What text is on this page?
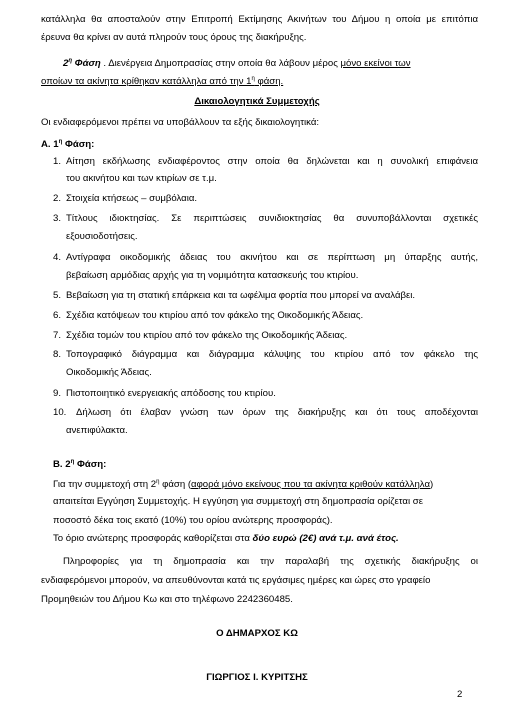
κατάλληλα θα αποσταλούν στην Επιτροπή Εκτίμησης Ακινήτων του Δήμου η οποία με επιτόπια
έρευνα θα κρίνει αν αυτά πληρούν τους όρους της διακήρυξης.
$2^\eta$ Φάση . Διενέργεια Δημοπρασίας στην οποία θα λάβουν μέρος μόνο εκείνοι των
οποίων τα ακίνητα κρίθηκαν κατάλληλα από την $1^\eta$ φάση.
Δικαιολογητικά Συμμετοχής
Οι ενδιαφερόμενοι πρέπει να υποβάλλουν τα εξής δικαιολογητικά:
Α. $1^\eta$ Φάση:
1. Αίτηση εκδήλωσης ενδιαφέροντος στην οποία θα δηλώνεται και η συνολική επιφάνεια
του ακινήτου και των κτιρίων σε τ.μ.
2. Στοιχεία κτήσεως – συμβόλαια.
3. Τίτλους ιδιοκτησίας. Σε περιπτώσεις συνιδιοκτησίας θα συνυποβάλλονται σχετικές
εξουσιοδοτήσεις.
4. Αντίγραφα οικοδομικής άδειας του ακινήτου και σε περίπτωση μη ύπαρξης αυτής,
βεβαίωση αρμόδιας αρχής για τη νομιμότητα κατασκευής του κτιρίου.
5. Βεβαίωση για τη στατική επάρκεια και τα ωφέλιμα φορτία που μπορεί να αναλάβει.
6. Σχέδια κατόψεων του κτιρίου από τον φάκελο της Οικοδομικής Άδειας.
7. Σχέδια τομών του κτιρίου από τον φάκελο της Οικοδομικής Άδειας.
8. Τοπογραφικό διάγραμμα και διάγραμμα κάλυψης του κτιρίου από τον φάκελο της
Οικοδομικής Άδειας.
9. Πιστοποιητικό ενεργειακής απόδοσης του κτιρίου.
10. Δήλωση ότι έλαβαν γνώση των όρων της διακήρυξης και ότι τους αποδέχονται
ανεπιφύλακτα.
Β. $2^\eta$ Φάση:
Για την συμμετοχή στη $2^\eta$ φάση (αφορά μόνο εκείνους που τα ακίνητα κριθούν κατάλληλα)
απαιτείται Εγγύηση Συμμετοχής. Η εγγύηση για συμμετοχή στη δημοπρασία ορίζεται σε
ποσοστό δέκα τοις εκατό (10%) του ορίου ανώτερης προσφοράς).
Το όριο ανώτερης προσφοράς καθορίζεται στα δύο ευρώ (2€) ανά τ.μ. ανά έτος.
Πληροφορίες για τη δημοπρασία και την παραλαβή της σχετικής διακήρυξης οι
ενδιαφερόμενοι μπορούν, να απευθύνονται κατά τις εργάσιμες ημέρες και ώρες στο γραφείο
Προμηθειών του Δήμου Κω και στο τηλέφωνο 2242360485.
Ο ΔΗΜΑΡΧΟΣ ΚΩ
ΓΙΩΡΓΙΟΣ Ι. ΚΥΡΙΤΣΗΣ
2
